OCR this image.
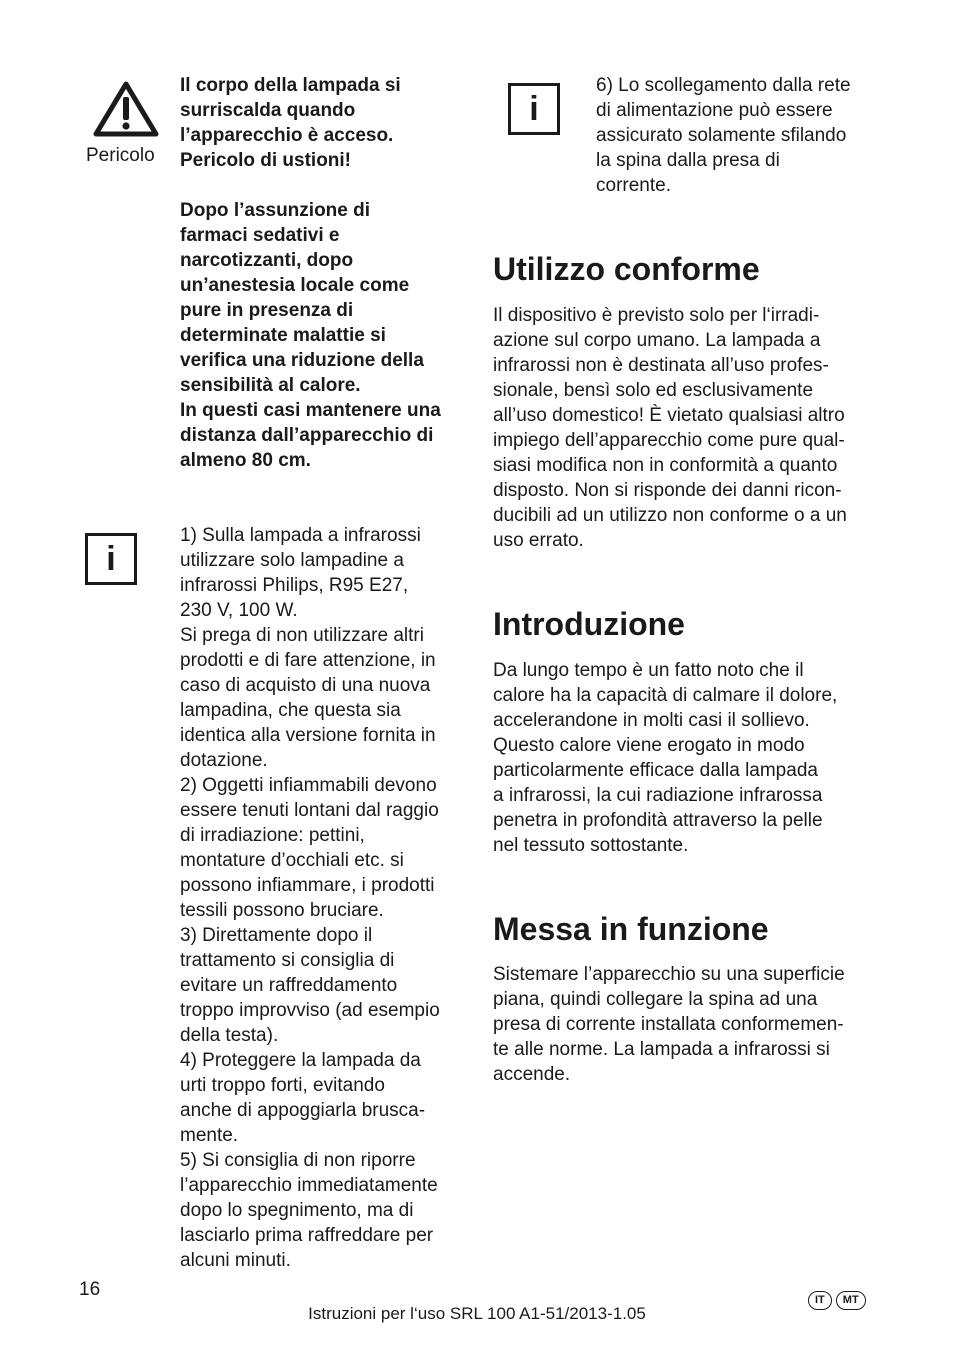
Pericolo
Il corpo della lampada si
surriscalda quando
l’apparecchio è acceso.
Pericolo di ustioni!
Dopo l’assunzione di
farmaci sedativi e
narcotizzanti, dopo
un’anestesia locale come
pure in presenza di
determinate malattie si
verifica una riduzione della
sensibilità al calore.
In questi casi mantenere una
distanza dall’apparecchio di
almeno 80 cm.
i
1) Sulla lampada a infrarossi
utilizzare solo lampadine a
infrarossi Philips, R95 E27,
230 V, 100 W.
Si prega di non utilizzare altri
prodotti e di fare attenzione, in
caso di acquisto di una nuova
lampadina, che questa sia
identica alla versione fornita in
dotazione.
2) Oggetti infiammabili devono
essere tenuti lontani dal raggio
di irradiazione: pettini,
montature d’occhiali etc. si
possono infiammare, i prodotti
tessili possono bruciare.
3) Direttamente dopo il
trattamento si consiglia di
evitare un raffreddamento
troppo improvviso (ad esempio
della testa).
4) Proteggere la lampada da
urti troppo forti, evitando
anche di appoggiarla brusca-
mente.
5) Si consiglia di non riporre
l’apparecchio immediatamente
dopo lo spegnimento, ma di
lasciarlo prima raffreddare per
alcuni minuti.
i
6) Lo scollegamento dalla rete
di alimentazione può essere
assicurato solamente sfilando
la spina dalla presa di
corrente.
Utilizzo conforme
Il dispositivo è previsto solo per l‘irradi-
azione sul corpo umano. La lampada a
infrarossi non è destinata all’uso profes-
sionale, bensì solo ed esclusivamente
all’uso domestico! È vietato qualsiasi altro
impiego dell’apparecchio come pure qual-
siasi modifica non in conformità a quanto
disposto. Non si risponde dei danni ricon-
ducibili ad un utilizzo non conforme o a un
uso errato.
Introduzione
Da lungo tempo è un fatto noto che il
calore ha la capacità di calmare il dolore,
accelerandone in molti casi il sollievo.
Questo calore viene erogato in modo
particolarmente efficace dalla lampada
a infrarossi, la cui radiazione infrarossa
penetra in profondità attraverso la pelle
nel tessuto sottostante.
Messa in funzione
Sistemare l’apparecchio su una superficie
piana, quindi collegare la spina ad una
presa di corrente installata conformemen-
te alle norme. La lampada a infrarossi si
accende.
16
Istruzioni per l‘uso SRL 100 A1-51/2013-1.05
IT MT
